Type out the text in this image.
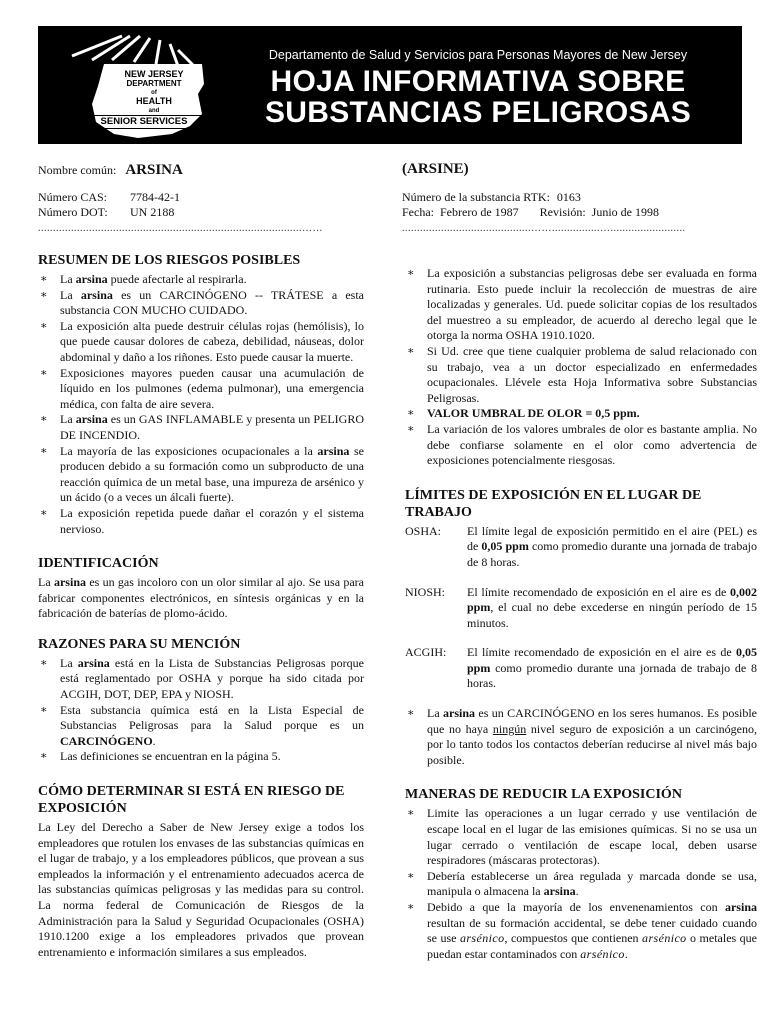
NEW JERSEY
DEPARTMENT
of
HEALTH
and
SENIOR SERVICES
Departamento de Salud y Servicios para Personas Mayores de New Jersey
HOJA INFORMATIVA SOBRE
SUBSTANCIAS PELIGROSAS
Nombre común: ARSINA
Número CAS: 7784-42-1
Número DOT: UN 2188
........................................................................................……
(ARSINE)
Número de la substancia RTK: 0163
Fecha: Febrero de 1987 Revisión: Junio de 1998
...........................................……................….........................
RESUMEN DE LOS RIESGOS POSIBLES
∗ La arsina puede afectarle al respirarla.
∗ La arsina es un CARCINÓGENO -- TRÁTESE a esta substancia CON MUCHO CUIDADO.
∗ La exposición alta puede destruir células rojas (hemólisis), lo que puede causar dolores de cabeza, debilidad, náuseas, dolor abdominal y daño a los riñones. Esto puede causar la muerte.
∗ Exposiciones mayores pueden causar una acumulación de líquido en los pulmones (edema pulmonar), una emergencia médica, con falta de aire severa.
∗ La arsina es un GAS INFLAMABLE y presenta un PELIGRO DE INCENDIO.
∗ La mayoría de las exposiciones ocupacionales a la arsina se producen debido a su formación como un subproducto de una reacción química de un metal base, una impureza de arsénico y un ácido (o a veces un álcali fuerte).
∗ La exposición repetida puede dañar el corazón y el sistema nervioso.
IDENTIFICACIÓN

La arsina es un gas incoloro con un olor similar al ajo. Se usa para fabricar componentes electrónicos, en síntesis orgánicas y en la fabricación de baterías de plomo-ácido.

RAZONES PARA SU MENCIÓN
∗ La arsina está en la Lista de Substancias Peligrosas porque está reglamentado por OSHA y porque ha sido citada por ACGIH, DOT, DEP, EPA y NIOSH.
∗ Esta substancia química está en la Lista Especial de Substancias Peligrosas para la Salud porque es un CARCINÓGENO.
∗ Las definiciones se encuentran en la página 5.
CÓMO DETERMINAR SI ESTÁ EN RIESGO DE EXPOSICIÓN

La Ley del Derecho a Saber de New Jersey exige a todos los empleadores que rotulen los envases de las substancias químicas en el lugar de trabajo, y a los empleadores públicos, que provean a sus empleados la información y el entrenamiento adecuados acerca de las substancias químicas peligrosas y las medidas para su control. La norma federal de Comunicación de Riesgos de la Administración para la Salud y Seguridad Ocupacionales (OSHA) 1910.1200 exige a los empleadores privados que provean entrenamiento e información similares a sus empleados.

∗ La exposición a substancias peligrosas debe ser evaluada en forma rutinaria. Esto puede incluir la recolección de muestras de aire localizadas y generales. Ud. puede solicitar copias de los resultados del muestreo a su empleador, de acuerdo al derecho legal que le otorga la norma OSHA 1910.1020.
∗ Si Ud. cree que tiene cualquier problema de salud relacionado con su trabajo, vea a un doctor especializado en enfermedades ocupacionales. Llévele esta Hoja Informativa sobre Substancias Peligrosas.
∗ VALOR UMBRAL DE OLOR = 0,5 ppm.
∗ La variación de los valores umbrales de olor es bastante amplia. No debe confiarse solamente en el olor como advertencia de exposiciones potencialmente riesgosas.
LÍMITES DE EXPOSICIÓN EN EL LUGAR DE TRABAJO
OSHA: El límite legal de exposición permitido en el aire (PEL) es de 0,05 ppm como promedio durante una jornada de trabajo de 8 horas.
NIOSH: El límite recomendado de exposición en el aire es de 0,002 ppm, el cual no debe excederse en ningún período de 15 minutos.
ACGIH: El límite recomendado de exposición en el aire es de 0,05 ppm como promedio durante una jornada de trabajo de 8 horas.
∗ La arsina es un CARCINÓGENO en los seres humanos. Es posible que no haya ningún nivel seguro de exposición a un carcinógeno, por lo tanto todos los contactos deberían reducirse al nivel más bajo posible.
MANERAS DE REDUCIR LA EXPOSICIÓN
∗ Limite las operaciones a un lugar cerrado y use ventilación de escape local en el lugar de las emisiones químicas. Si no se usa un lugar cerrado o ventilación de escape local, deben usarse respiradores (máscaras protectoras).
∗ Debería establecerse un área regulada y marcada donde se usa, manipula o almacena la arsina.
∗ Debido a que la mayoría de los envenenamientos con arsina resultan de su formación accidental, se debe tener cuidado cuando se use arsénico, compuestos que contienen arsénico o metales que puedan estar contaminados con arsénico.
